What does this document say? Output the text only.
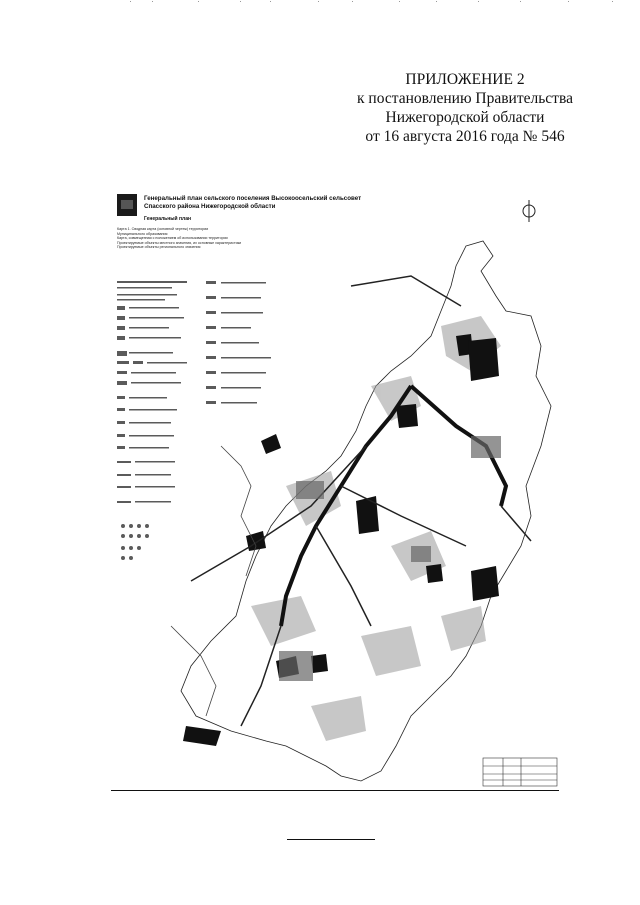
ПРИЛОЖЕНИЕ 2
к постановлению Правительства
Нижегородской области
от 16 августа 2016 года № 546
Генеральный план сельского поселения Высокоосельский сельсовет
Спасского района Нижегородской области
Генеральный план
Карта 1. Сводная карта (основной чертеж) территории
Муниципального образования
Карта, совмещенная с положением об использовании территории
Проектируемые объекты местного значения, их основные характеристики
Проектируемые объекты регионального значения
